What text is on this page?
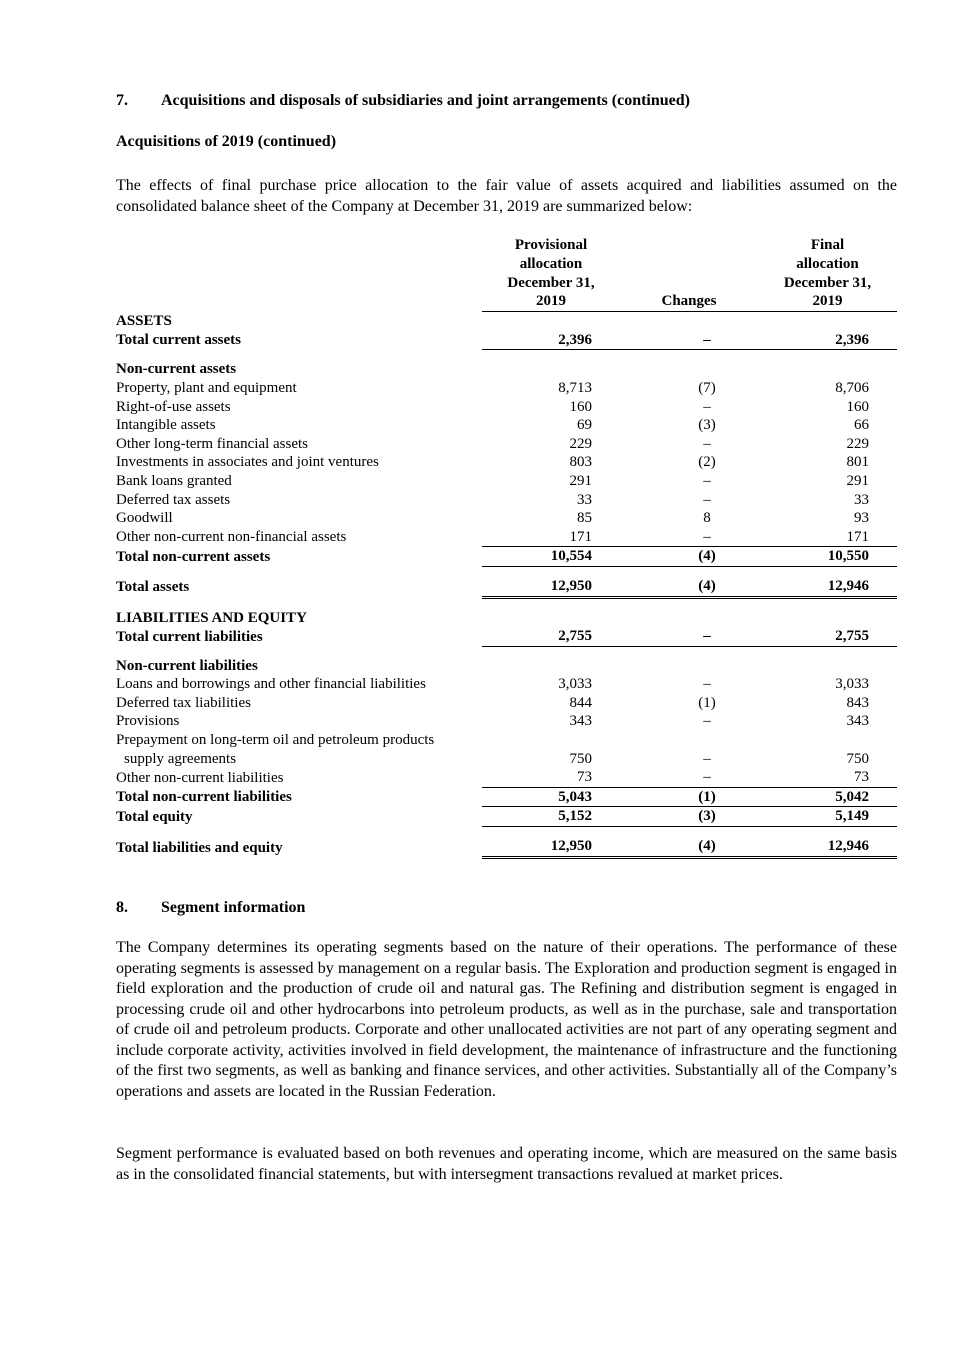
7. Acquisitions and disposals of subsidiaries and joint arrangements (continued)
Acquisitions of 2019 (continued)
The effects of final purchase price allocation to the fair value of assets acquired and liabilities assumed on the consolidated balance sheet of the Company at December 31, 2019 are summarized below:
	Provisional		Final
	allocation		allocation
	December 31,		December 31,
	2019	Changes	2019
ASSETS			
Total current assets	2,396	–	2,396
Non-current assets			
Property, plant and equipment	8,713	(7)	8,706
Right-of-use assets	160	–	160
Intangible assets	69	(3)	66
Other long-term financial assets	229	–	229
Investments in associates and joint ventures	803	(2)	801
Bank loans granted	291	–	291
Deferred tax assets	33	–	33
Goodwill	85	8	93
Other non-current non-financial assets	171	–	171
Total non-current assets	10,554	(4)	10,550
Total assets	12,950	(4)	12,946
LIABILITIES AND EQUITY			
Total current liabilities	2,755	–	2,755
Non-current liabilities			
Loans and borrowings and other financial liabilities	3,033	–	3,033
Deferred tax liabilities	844	(1)	843
Provisions	343	–	343
Prepayment on long-term oil and petroleum products			
supply agreements	750	–	750
Other non-current liabilities	73	–	73
Total non-current liabilities	5,043	(1)	5,042
Total equity	5,152	(3)	5,149
Total liabilities and equity	12,950	(4)	12,946
8. Segment information
The Company determines its operating segments based on the nature of their operations. The performance of these operating segments is assessed by management on a regular basis. The Exploration and production segment is engaged in field exploration and the production of crude oil and natural gas. The Refining and distribution segment is engaged in processing crude oil and other hydrocarbons into petroleum products, as well as in the purchase, sale and transportation of crude oil and petroleum products. Corporate and other unallocated activities are not part of any operating segment and include corporate activity, activities involved in field development, the maintenance of infrastructure and the functioning of the first two segments, as well as banking and finance services, and other activities. Substantially all of the Company’s operations and assets are located in the Russian Federation.
Segment performance is evaluated based on both revenues and operating income, which are measured on the same basis as in the consolidated financial statements, but with intersegment transactions revalued at market prices.
